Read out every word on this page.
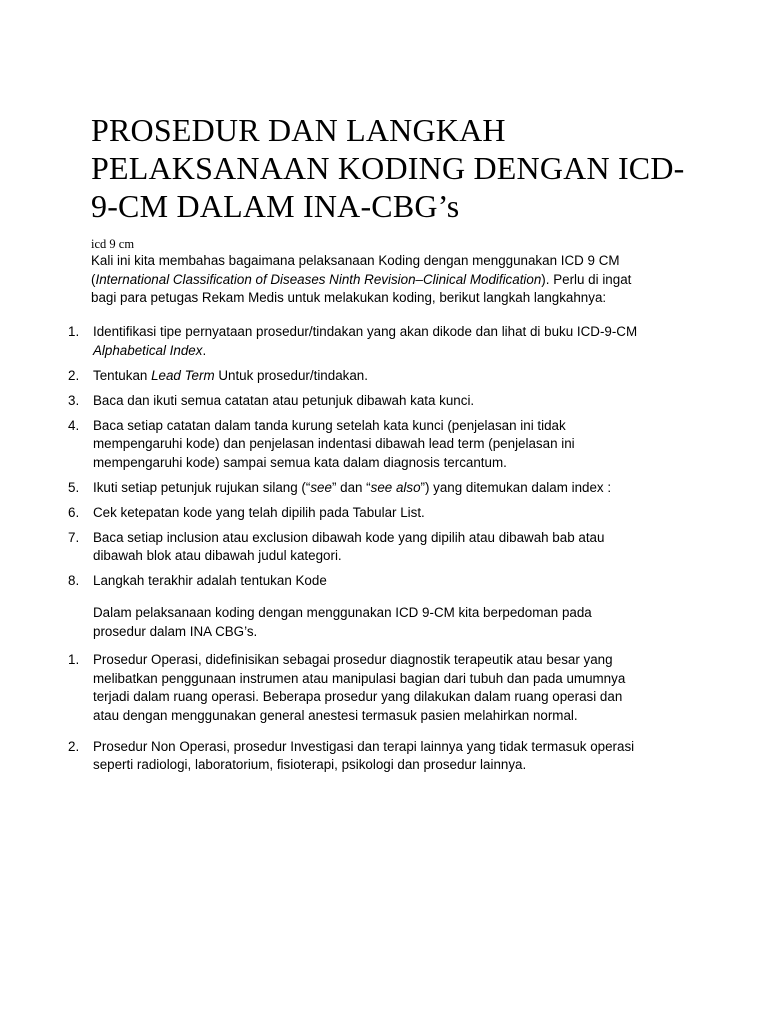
PROSEDUR DAN LANGKAH
PELAKSANAAN KODING DENGAN ICD-
9-CM DALAM INA-CBG’s
icd 9 cm

Kali ini kita membahas bagaimana pelaksanaan Koding dengan menggunakan ICD 9 CM
(International Classification of Diseases Ninth Revision–Clinical Modification). Perlu di ingat
bagi para petugas Rekam Medis untuk melakukan koding, berikut langkah langkahnya:

1. Identifikasi tipe pernyataan prosedur/tindakan yang akan dikode dan lihat di buku ICD-9-CM
Alphabetical Index.
2. Tentukan Lead Term Untuk prosedur/tindakan.
3. Baca dan ikuti semua catatan atau petunjuk dibawah kata kunci.
4. Baca setiap catatan dalam tanda kurung setelah kata kunci (penjelasan ini tidak
mempengaruhi kode) dan penjelasan indentasi dibawah lead term (penjelasan ini
mempengaruhi kode) sampai semua kata dalam diagnosis tercantum.
5. Ikuti setiap petunjuk rujukan silang (“see” dan “see also”) yang ditemukan dalam index :
6. Cek ketepatan kode yang telah dipilih pada Tabular List.
7. Baca setiap inclusion atau exclusion dibawah kode yang dipilih atau dibawah bab atau
dibawah blok atau dibawah judul kategori.
8. Langkah terakhir adalah tentukan Kode

Dalam pelaksanaan koding dengan menggunakan ICD 9-CM kita berpedoman pada
prosedur dalam INA CBG’s.

1. Prosedur Operasi, didefinisikan sebagai prosedur diagnostik terapeutik atau besar yang
melibatkan penggunaan instrumen atau manipulasi bagian dari tubuh dan pada umumnya
terjadi dalam ruang operasi. Beberapa prosedur yang dilakukan dalam ruang operasi dan
atau dengan menggunakan general anestesi termasuk pasien melahirkan normal.
2. Prosedur Non Operasi, prosedur Investigasi dan terapi lainnya yang tidak termasuk operasi
seperti radiologi, laboratorium, fisioterapi, psikologi dan prosedur lainnya.
